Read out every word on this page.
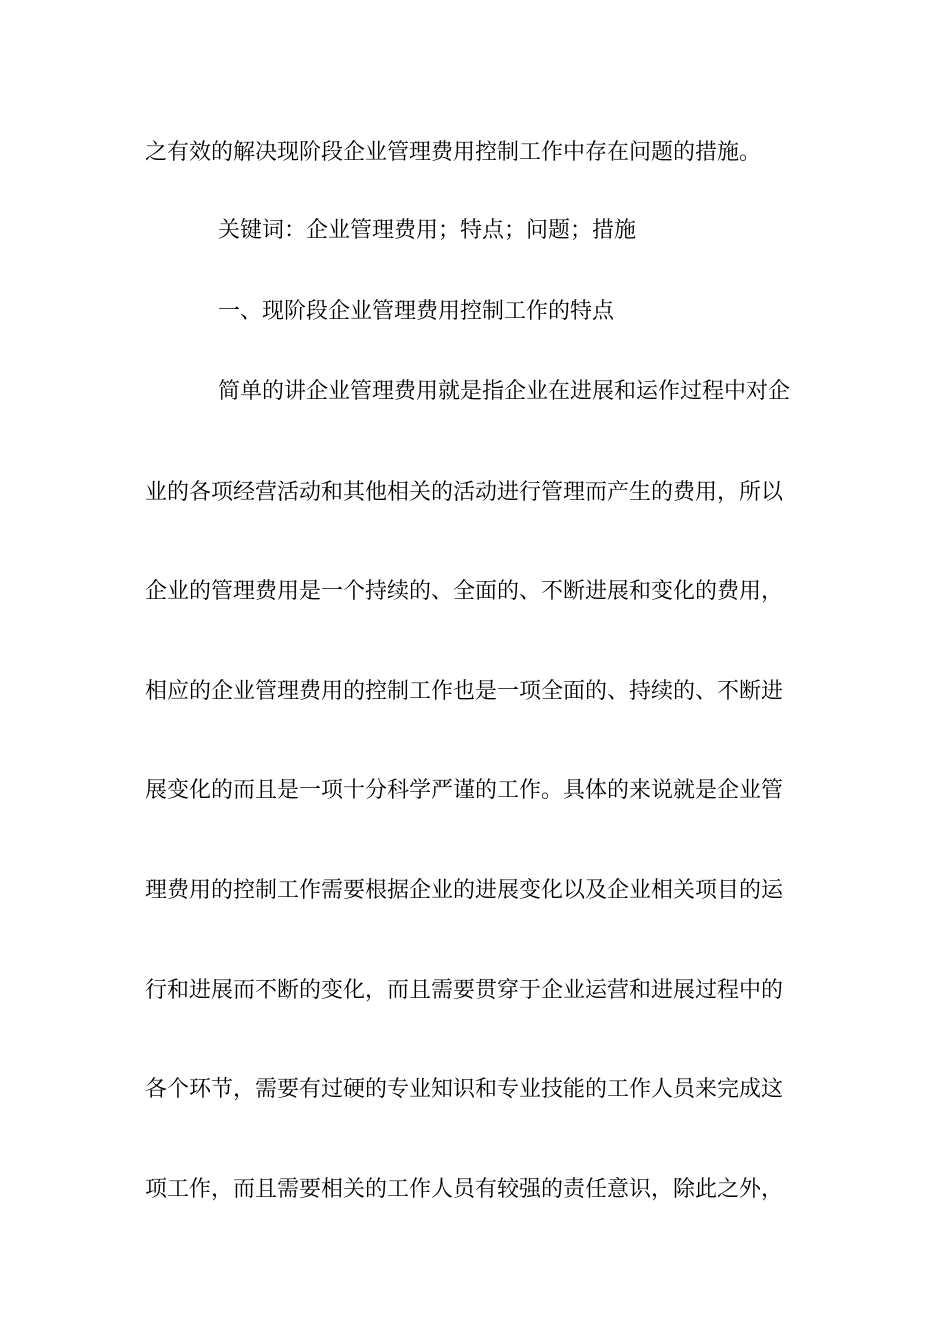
之有效的解决现阶段企业管理费用控制工作中存在问题的措施。
关键词：企业管理费用；特点；问题；措施
一、现阶段企业管理费用控制工作的特点
简单的讲企业管理费用就是指企业在进展和运作过程中对企
业的各项经营活动和其他相关的活动进行管理而产生的费用，所以
企业的管理费用是一个持续的、全面的、不断进展和变化的费用，
相应的企业管理费用的控制工作也是一项全面的、持续的、不断进
展变化的而且是一项十分科学严谨的工作。具体的来说就是企业管
理费用的控制工作需要根据企业的进展变化以及企业相关项目的运
行和进展而不断的变化，而且需要贯穿于企业运营和进展过程中的
各个环节，需要有过硬的专业知识和专业技能的工作人员来完成这
项工作，而且需要相关的工作人员有较强的责任意识，除此之外，
